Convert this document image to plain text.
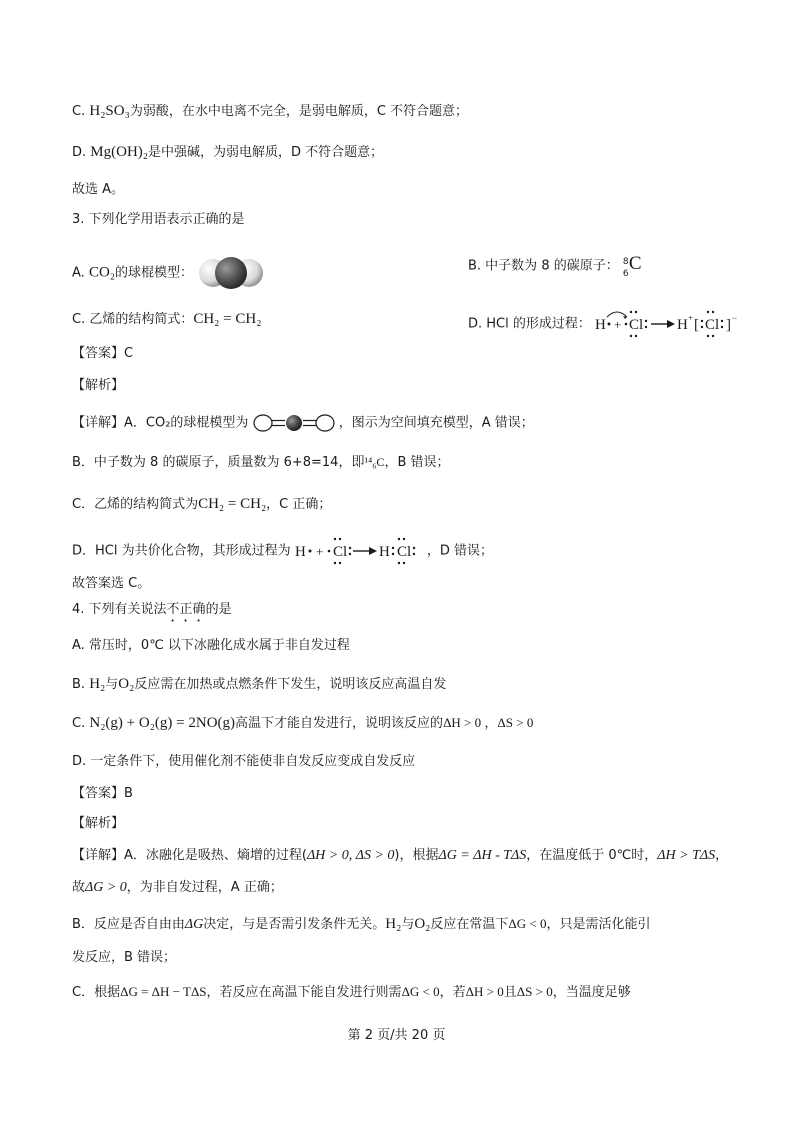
C. H₂SO₃为弱酸，在水中电离不完全，是弱电解质，C 不符合题意；
D. Mg(OH)₂是中强碱，为弱电解质，D 不符合题意；
故选 A。
3. 下列化学用语表示正确的是
A. CO₂的球棍模型：	B. 中子数为 8 的碳原子： 8
6 C
C. 乙烯的结构简式：CH₂ = CH₂	D. HCl 的形成过程： H + Cl H + [ Cl ] −
【答案】C
【解析】
【详解】A．CO₂的球棍模型为	，图示为空间填充模型，A 错误；
B．中子数为 8 的碳原子，质量数为 6+8=14，即¹⁴₆C，B 错误；
C．乙烯的结构简式为CH₂ = CH₂，C 正确；
D．HCl 为共价化合物，其形成过程为 H + Cl H Cl ，D 错误；
故答案选 C。
4. 下列有关说法不正确的是
A. 常压时，0℃ 以下冰融化成水属于非自发过程
B. H₂与O₂反应需在加热或点燃条件下发生，说明该反应高温自发
C. N₂(g) + O₂(g) = 2NO(g)高温下才能自发进行，说明该反应的ΔH > 0 ，ΔS > 0
D. 一定条件下，使用催化剂不能使非自发反应变成自发反应
【答案】B
【解析】
【详解】A．冰融化是吸热、熵增的过程(ΔH > 0, ΔS > 0)，根据ΔG = ΔH - TΔS，在温度低于 0℃时，ΔH > TΔS，
故ΔG > 0，为非自发过程，A 正确；
B．反应是否自由由ΔG决定，与是否需引发条件无关。H₂与O₂反应在常温下ΔG < 0，只是需活化能引
发反应，B 错误；
C．根据ΔG = ΔH − TΔS，若反应在高温下能自发进行则需ΔG < 0，若ΔH > 0且ΔS > 0，当温度足够
第 2 页/共 20 页
